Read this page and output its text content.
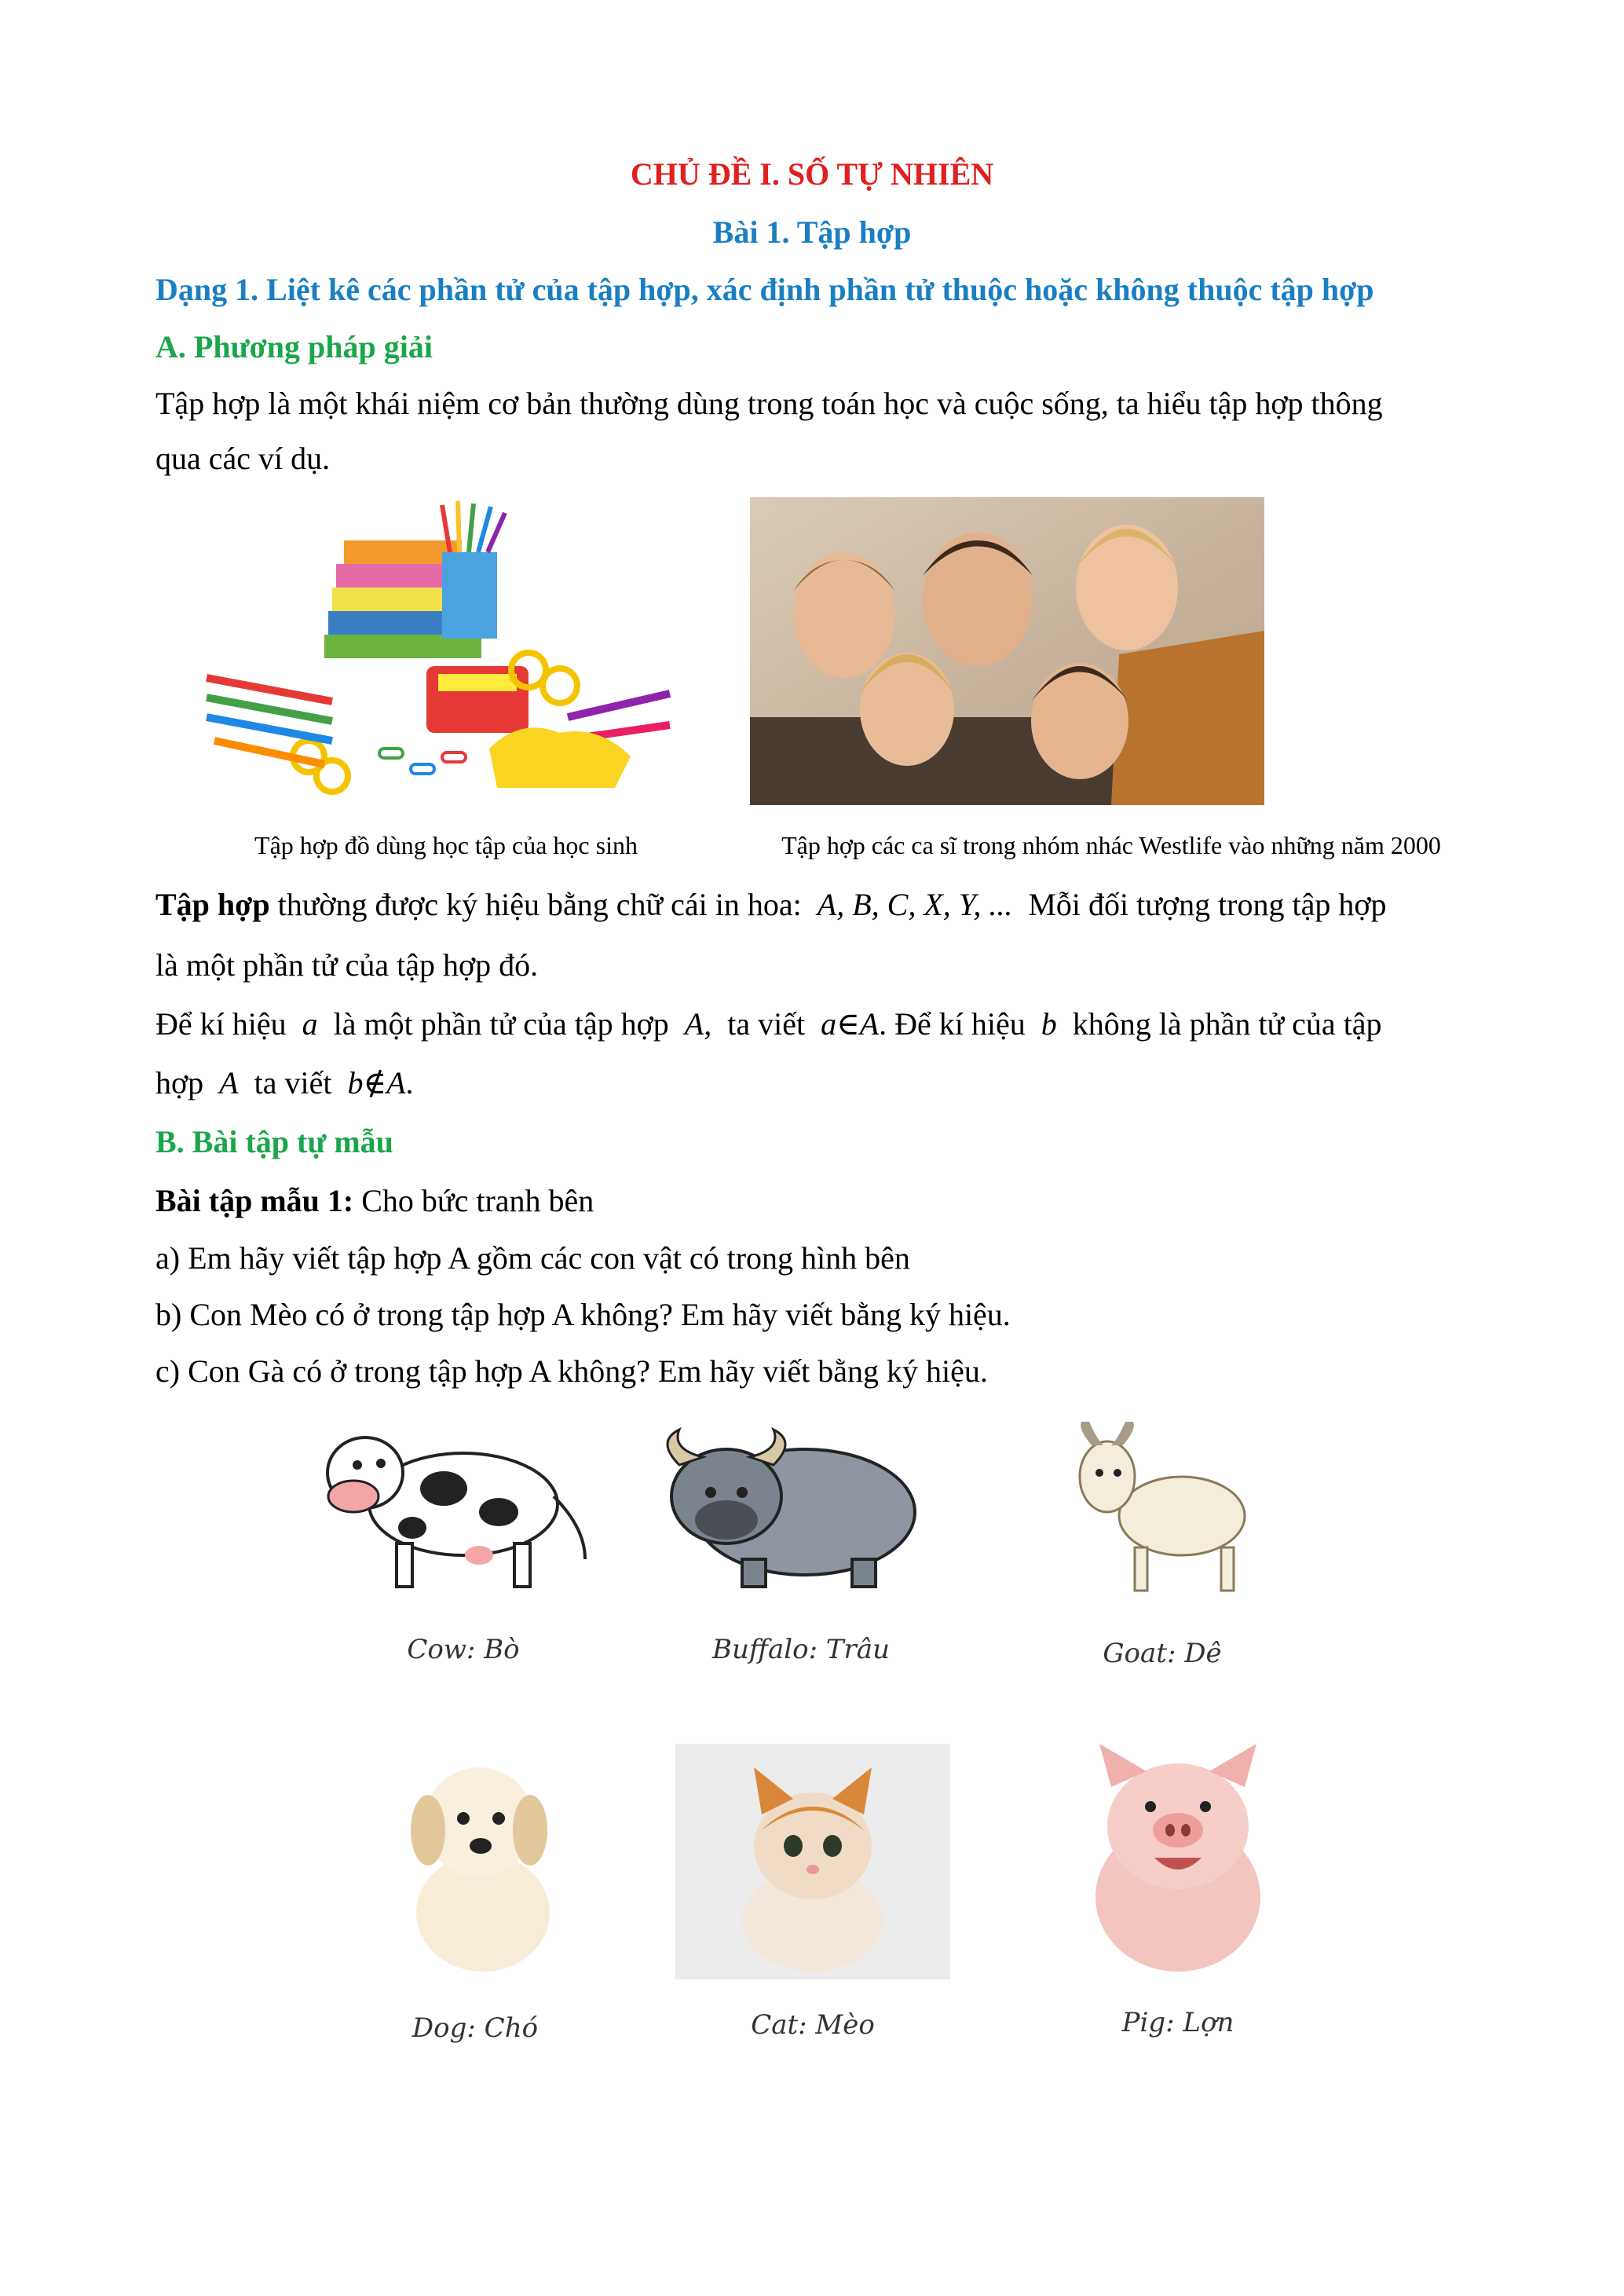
CHỦ ĐỀ I. SỐ TỰ NHIÊN
Bài 1. Tập hợp
Dạng 1. Liệt kê các phần tử của tập hợp, xác định phần tử thuộc hoặc không thuộc tập hợp
A. Phương pháp giải
Tập hợp là một khái niệm cơ bản thường dùng trong toán học và cuộc sống, ta hiểu tập hợp thông
qua các ví dụ.
Tập hợp đồ dùng học tập của học sinh	Tập hợp các ca sĩ trong nhóm nhác Westlife vào những năm 2000
Tập hợp thường được ký hiệu bằng chữ cái in hoa: A, B, C, X, Y, ... Mỗi đối tượng trong tập hợp
là một phần tử của tập hợp đó.
Để kí hiệu a là một phần tử của tập hợp A, ta viết a∈A. Để kí hiệu b không là phần tử của tập
hợp A ta viết b∉A.
B. Bài tập tự mẫu
Bài tập mẫu 1: Cho bức tranh bên
a) Em hãy viết tập hợp A gồm các con vật có trong hình bên
b) Con Mèo có ở trong tập hợp A không? Em hãy viết bằng ký hiệu.
c) Con Gà có ở trong tập hợp A không? Em hãy viết bằng ký hiệu.
Cow: Bò	Buffalo: Trâu	Goat: Dê
Dog: Chó	Cat: Mèo	Pig: Lợn
